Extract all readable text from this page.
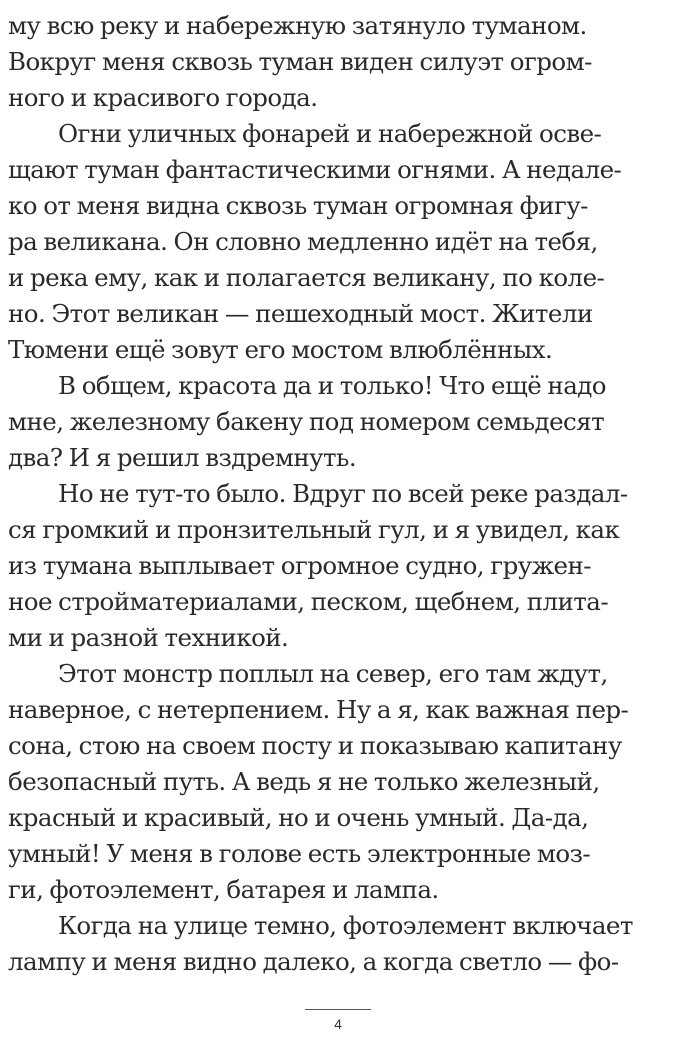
му всю реку и набережную затянуло туманом.
Вокруг меня сквозь туман виден силуэт огром-
ного и красивого города.
Огни уличных фонарей и набережной осве-
щают туман фантастическими огнями. А недале-
ко от меня видна сквозь туман огромная фигу-
ра великана. Он словно медленно идёт на тебя,
и река ему, как и полагается великану, по коле-
но. Этот великан — пешеходный мост. Жители
Тюмени ещё зовут его мостом влюблённых.
В общем, красота да и только! Что ещё надо
мне, железному бакену под номером семьдесят
два? И я решил вздремнуть.
Но не тут-то было. Вдруг по всей реке раздал-
ся громкий и пронзительный гул, и я увидел, как
из тумана выплывает огромное судно, гружен-
ное стройматериалами, песком, щебнем, плита-
ми и разной техникой.
Этот монстр поплыл на север, его там ждут,
наверное, с нетерпением. Ну а я, как важная пер-
сона, стою на своем посту и показываю капитану
безопасный путь. А ведь я не только железный,
красный и красивый, но и очень умный. Да-да,
умный! У меня в голове есть электронные моз-
ги, фотоэлемент, батарея и лампа.
Когда на улице темно, фотоэлемент включает
лампу и меня видно далеко, а когда светло — фо-
4
